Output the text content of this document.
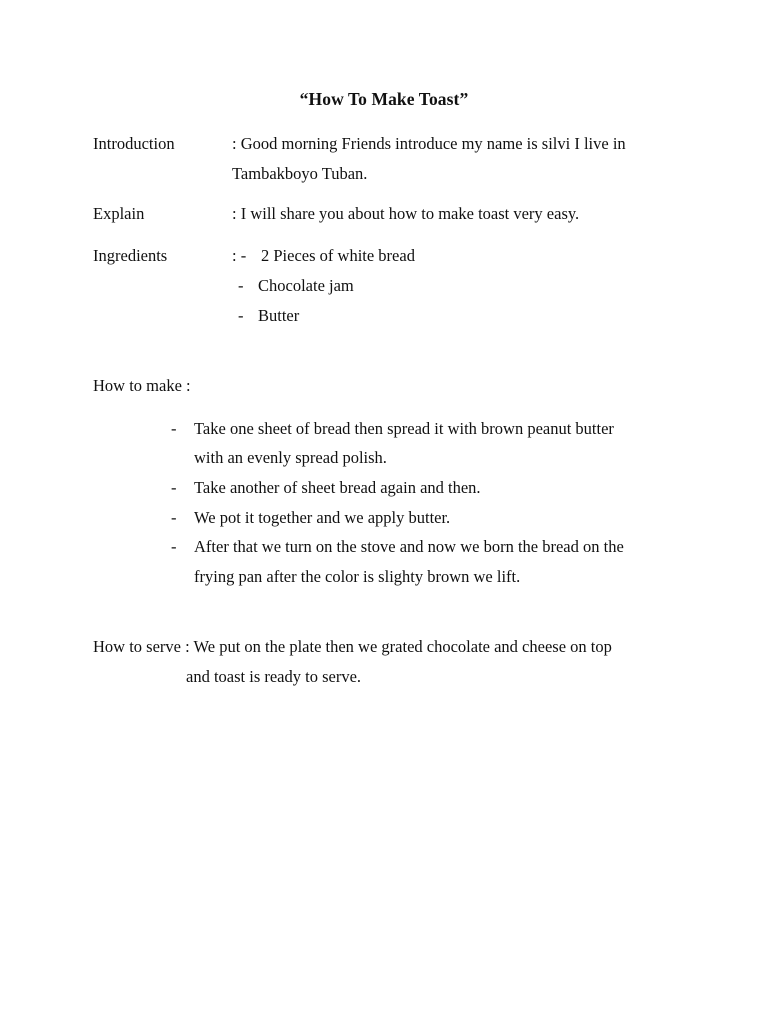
“How To Make Toast”
Introduction	: Good morning Friends introduce my name is silvi I live in
Tambakboyo Tuban.
Explain	: I will share you about how to make toast very easy.
Ingredients	: - 2 Pieces of white bread
- Chocolate jam
- Butter
How to make :
- Take one sheet of bread then spread it with brown peanut butter
with an evenly spread polish.
- Take another of sheet bread again and then.
- We pot it together and we apply butter.
- After that we turn on the stove and now we born the bread on the
frying pan after the color is slighty brown we lift.
How to serve : We put on the plate then we grated chocolate and cheese on top
and toast is ready to serve.
